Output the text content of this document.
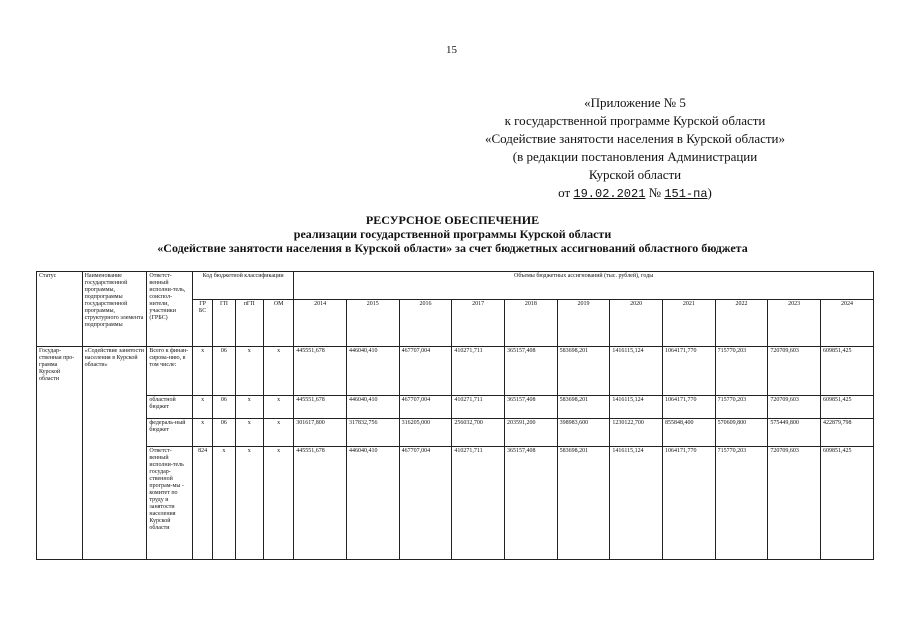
15
«Приложение № 5
к государственной программе Курской области
«Содействие занятости населения в Курской области»
(в редакции постановления Администрации
Курской области
от 19.02.2021 № 151-па)
РЕСУРСНОЕ ОБЕСПЕЧЕНИЕ
реализации государственной программы Курской области
«Содействие занятости населения в Курской области» за счет бюджетных ассигнований областного бюджета
Статус	Наименование государственной программы, подпрограммы государственной программы, структурного элемента подпрограммы	Ответст-венный исполни-тель, соиспол-нители, участники (ГРБС)	Код бюджетной классификации				Объемы бюджетных ассигнований (тыс. рублей), годы										
			ГР БС	ГП	пГП	ОМ	2014	2015	2016	2017	2018	2019	2020	2021	2022	2023	2024
Государ-ственная про-грамма Курской области	«Содействие занятости населения в Курской области»	Всего к финан-сирова-нию, в том числе:	х	06	х	х	445551,678	446040,410	467707,004	410271,711	365157,408	583698,201	1416115,124	1064171,770	715770,203	720709,603	609851,425
		областной бюджет	х	06	х	х	445551,678	446040,410	467707,004	410271,711	365157,408	583698,201	1416115,124	1064171,770	715770,203	720709,603	609851,425
		федераль-ный бюджет	х	06	х	х	301617,800	317832,756	316205,000	256032,700	203591,200	398983,600	1230122,700	855848,400	570609,800	575449,800	422879,798
		Ответст-венный исполни-тель государ-ственной програм-мы - комитет по труду и занятости населения Курской области	824	х	х	х	445551,678	446040,410	467707,004	410271,711	365157,408	583698,201	1416115,124	1064171,770	715770,203	720709,603	609851,425
